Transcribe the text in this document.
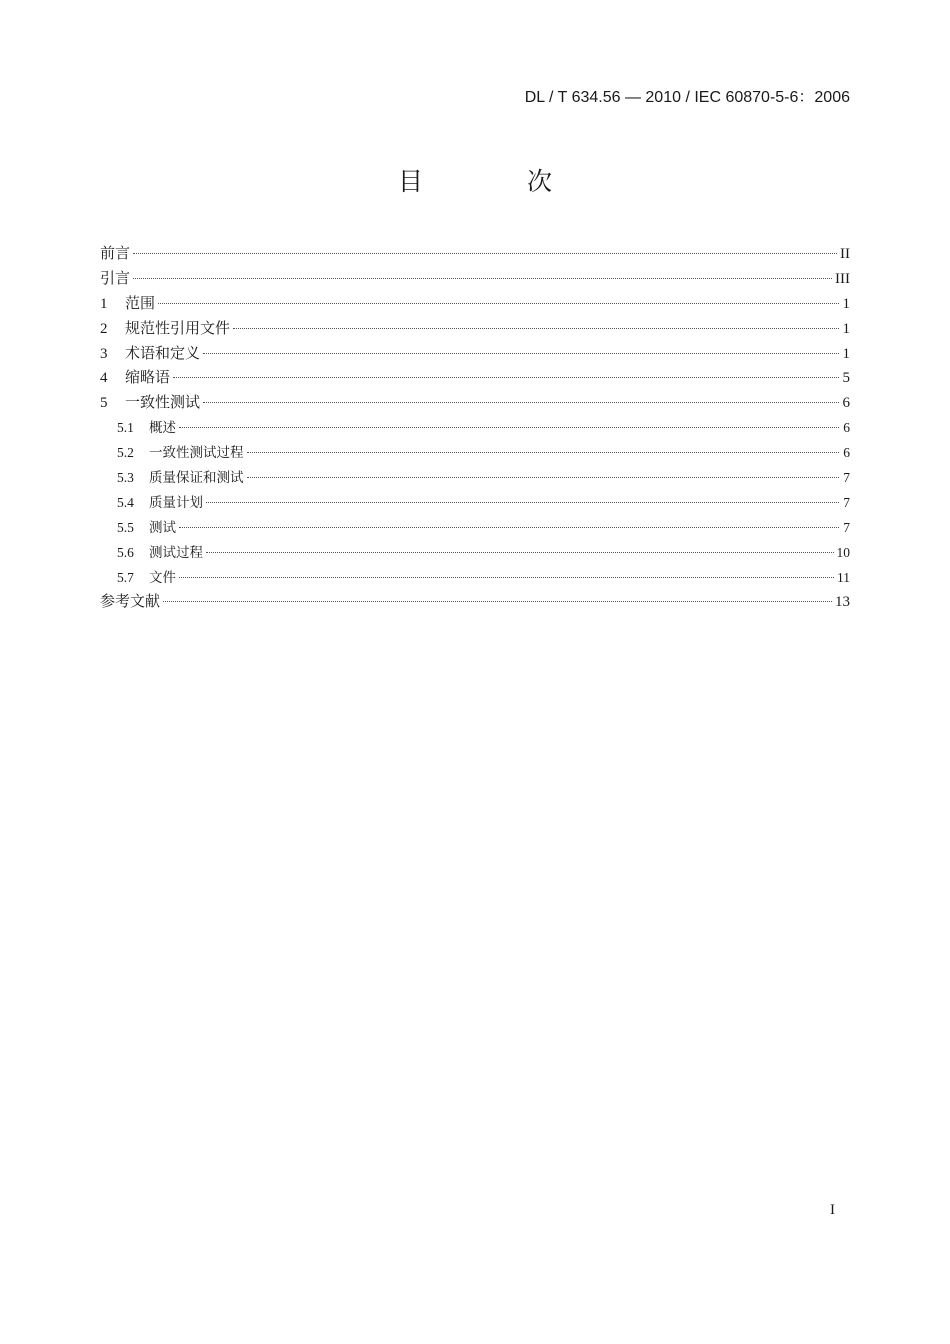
DL / T 634.56 — 2010 / IEC 60870-5-6：2006
目 次
前言	II
引言	III
1	范围	1
2	规范性引用文件	1
3	术语和定义	1
4	缩略语	5
5	一致性测试	6
5.1	概述	6
5.2	一致性测试过程	6
5.3	质量保证和测试	7
5.4	质量计划	7
5.5	测试	7
5.6	测试过程	10
5.7	文件	11
参考文献	13
I
